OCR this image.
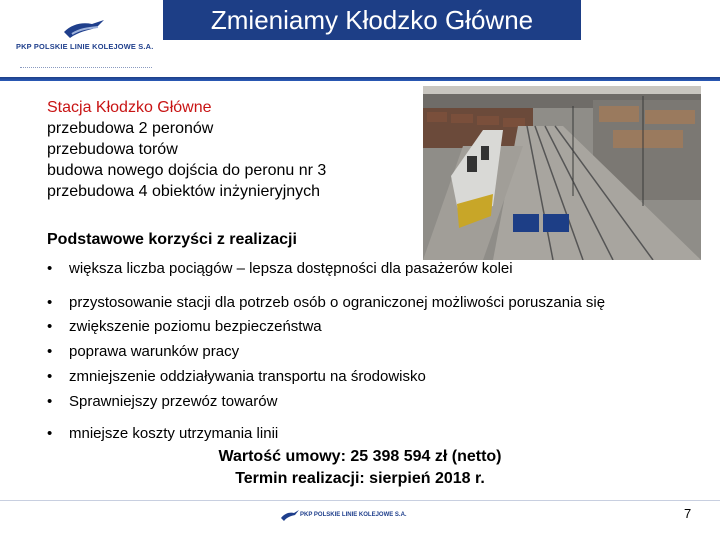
PKP POLSKIE LINIE KOLEJOWE S.A.
Zmieniamy Kłodzko Główne
Stacja Kłodzko Główne
przebudowa 2 peronów
przebudowa torów
budowa nowego dojścia do peronu nr 3
przebudowa 4 obiektów inżynieryjnych
Podstawowe korzyści z realizacji
• większa liczba pociągów – lepsza dostępności dla pasażerów kolei
• przystosowanie stacji dla potrzeb osób o ograniczonej możliwości poruszania się
• zwiększenie poziomu bezpieczeństwa
• poprawa warunków pracy
• zmniejszenie oddziaływania transportu na środowisko
• Sprawniejszy przewóz towarów
• mniejsze koszty utrzymania linii
Wartość umowy: 25 398 594 zł (netto)
Termin realizacji: sierpień 2018 r.
PKP POLSKIE LINIE KOLEJOWE S.A.	7
